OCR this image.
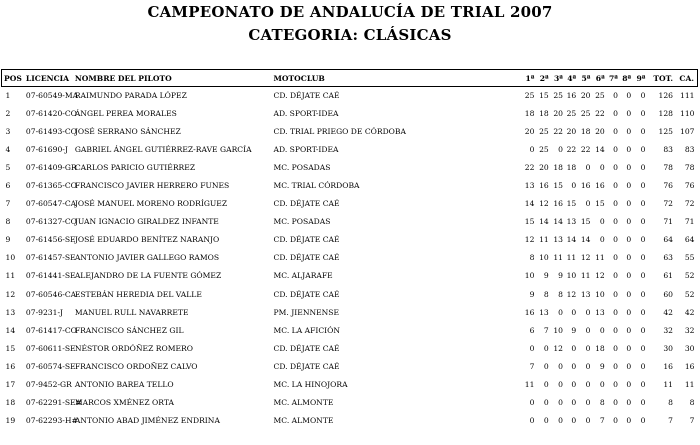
CAMPEONATO DE ANDALUCÍA DE TRIAL 2007
CATEGORIA: CLÁSICAS
POS	LICENCIA	NOMBRE DEL PILOTO	MOTOCLUB	1ª	2ª	3ª	4ª	5ª	6ª	7ª	8ª	9ª	TOT.	CA.
1	07-60549-MA	RAIMUNDO PARADA LÓPEZ	CD. DÉJATE CAÉ	25	15	25	16	20	25	0	0	0	126	111
2	07-61420-CO	ÁNGEL PEREA MORALES	AD. SPORT-IDEA	18	18	20	25	25	22	0	0	0	128	110
3	07-61493-CO	JOSÉ SERRANO SÁNCHEZ	CD. TRIAL PRIEGO DE CÓRDOBA	20	25	22	20	18	20	0	0	0	125	107
4	07-61690-J	GABRIEL ÁNGEL GUTIÉRREZ-RAVE GARCÍA	AD. SPORT-IDEA	0	25	0	22	22	14	0	0	0	83	83
5	07-61409-GR	CARLOS PARICIO GUTIÉRREZ	MC. POSADAS	22	20	18	18	0	0	0	0	0	78	78
6	07-61365-CO	FRANCISCO JAVIER HERRERO FUNES	MC. TRIAL CÓRDOBA	13	16	15	0	16	16	0	0	0	76	76
7	07-60547-CA	JOSÉ MANUEL MORENO RODRÍGUEZ	CD. DÉJATE CAÉ	14	12	16	15	0	15	0	0	0	72	72
8	07-61327-CO	JUAN IGNACIO GIRALDEZ INFANTE	MC. POSADAS	15	14	14	13	15	0	0	0	0	71	71
9	07-61456-SE	JOSÉ EDUARDO BENÍTEZ NARANJO	CD. DÉJATE CAÉ	12	11	13	14	14	0	0	0	0	64	64
10	07-61457-SE	ANTONIO JAVIER GALLEGO RAMOS	CD. DÉJATE CAÉ	8	10	11	11	12	11	0	0	0	63	55
11	07-61441-SE	ALEJANDRO DE LA FUENTE GÓMEZ	MC. ALJARAFE	10	9	9	10	11	12	0	0	0	61	52
12	07-60546-CA	ESTEBÁN HEREDIA DEL VALLE	CD. DÉJATE CAÉ	9	8	8	12	13	10	0	0	0	60	52
13	07-9231-J	MANUEL RULL NAVARRETE	PM. JIENNENSE	16	13	0	0	0	13	0	0	0	42	42
14	07-61417-CO	FRANCISCO SÁNCHEZ GIL	MC. LA AFICIÓN	6	7	10	9	0	0	0	0	0	32	32
15	07-60611-SE	NÉSTOR ORDÓÑEZ ROMERO	CD. DÉJATE CAÉ	0	0	12	0	0	18	0	0	0	30	30
16	07-60574-SE	FRANCISCO ORDOÑEZ CALVO	CD. DÉJATE CAÉ	7	0	0	0	0	9	0	0	0	16	16
17	07-9452-GR	ANTONIO BAREA TELLO	MC. LA HINOJORA	11	0	0	0	0	0	0	0	0	11	11
18	07-62291-SE#	MARCOS XMÉNEZ ORTA	MC. ALMONTE	0	0	0	0	0	8	0	0	0	8	8
19	07-62293-H#	ANTONIO ABAD JIMÉNEZ ENDRINA	MC. ALMONTE	0	0	0	0	0	7	0	0	0	7	7
